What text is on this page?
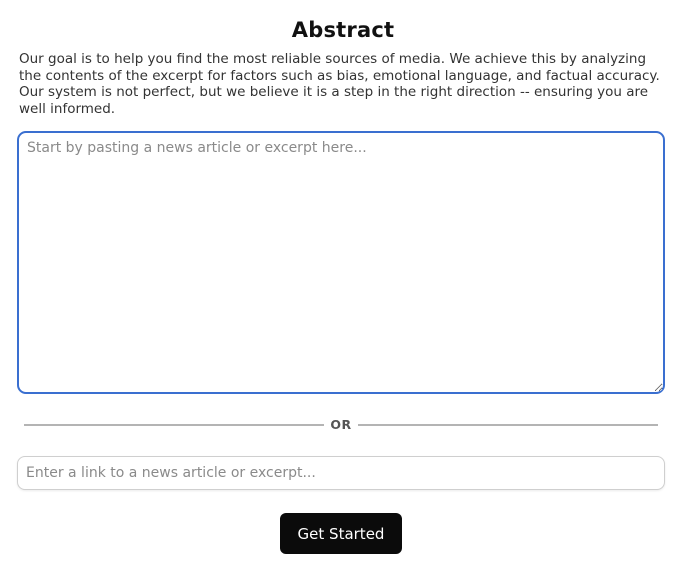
Abstract

Our goal is to help you find the most reliable sources of media. We achieve this by analyzing the contents of the excerpt for factors such as bias, emotional language, and factual accuracy. Our system is not perfect, but we believe it is a step in the right direction -- ensuring you are well informed.

Start by pasting a news article or excerpt here...
OR
Enter a link to a news article or excerpt...
Get Started
